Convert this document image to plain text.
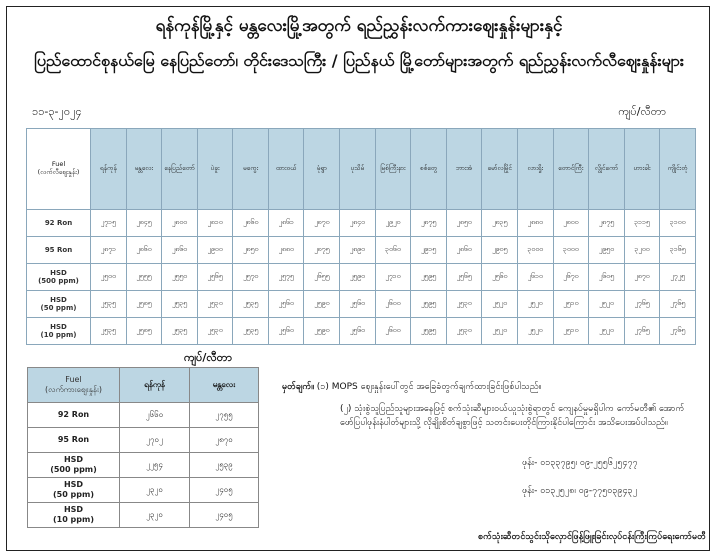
ရန်ကုန်မြို့နှင့် မန္တလေးမြို့အတွက် ရည်ညွှန်းလက်ကားဈေးနှုန်းများနှင့်
ပြည်ထောင်စုနယ်မြေ နေပြည်တော်၊ တိုင်းဒေသကြီး / ပြည်နယ် မြို့တော်များအတွက် ရည်ညွှန်းလက်လီဈေးနှုန်းများ
၁၁-၃-၂၀၂၄	ကျပ်/လီတာ
Fuel
(လက်လီဈေးနှုန်း)	ရန်ကုန်	မန္တလေး	နေပြည်တော်	ပဲခူး	မကွေး	ထားဝယ်	မုံရွာ	ပုသိမ်	မြစ်ကြီးနား	စစ်တွေ	ဘားအံ	မော်လမြိုင်	လားရှိုး	တောင်ကြီး	လွိုင်ကော်	ဟားခါး	ကျိုင်းတုံ
92 Ron	၂၇၁၅	၂၈၄၅	၂၈၀၀	၂၈၁၀	၂၈၆၀	၂၈၆၁	၂၈၇၀	၂၈၄၀	၂၉၂၀	၂၈၇၅	၂၈၅၀	၂၈၃၅	၂၈၈၀	၂၈၀၀	၂၈၇၅	၃၁၁၅	၃၁၀၀
95 Ron	၂၈၇၁	၂၈၆၀	၂၈၆၀	၂၉၀၀	၂၈၅၀	၂၈၈၀	၂၈၇၅	၂၈၉၀	၃၀၆၀	၂၉၁၅	၂၈၆၀	၂၉၀၅	၃၀၀၀	၃၀၀၀	၂၉၅၀	၃၂၀၀	၃၁၆၅
HSD
(500 ppm)	၂၅၀၀	၂၅၅၅	၂၅၅၀	၂၅၆၅	၂၅၇၀	၂၅၇၅	၂၆၅၅	၂၅၉၀	၂၇၁၀	၂၅၉၅	၂၅၆၅	၂၅၆၀	၂၆၁၀	၂၆၇၀	၂၆၀၅	၂၈၇၀	၂၇၂၅
HSD
(50 ppm)	၂၅၃၅	၂၅၈၅	၂၅၃၅	၂၅၃၀	၂၅၃၅	၂၅၆၀	၂၅၉၀	၂၅၆၀	၂၆၀၀	၂၅၉၅	၂၅၃၀	၂၅၂၀	၂၅၂၀	၂၅၁၀	၂၅၂၀	၂၇၆၅	၂၇၆၅
HSD
(10 ppm)	၂၅၃၅	၂၅၈၅	၂၅၃၅	၂၅၃၀	၂၅၃၅	၂၅၆၀	၂၅၉၀	၂၅၆၀	၂၆၀၀	၂၅၉၅	၂၅၃၀	၂၅၂၀	၂၅၂၀	၂၅၁၀	၂၅၂၀	၂၇၆၅	၂၇၆၅
ကျပ်/လီတာ
Fuel
(လက်ကားဈေးနှုန်း)	ရန်ကုန်	မန္တလေး
92 Ron	၂၆၆၀	၂၇၅၅
95 Ron	၂၇၀၂	၂၈၇၀
HSD
(500 ppm)	၂၂၅၄	၂၅၃၉
HSD
(50 ppm)	၂၃၂၀	၂၄၀၅
HSD
(10 ppm)	၂၃၂၀	၂၄၀၅
မှတ်ချက်။ (၁) MOPS ဈေးနှုန်းပေါ်တွင် အခြေခံတွက်ချက်ထားခြင်းဖြစ်ပါသည်။
(၂) သုံးစွဲသူပြည်သူများအနေဖြင့် စက်သုံးဆီများဝယ်ယူသုံးစွဲရာတွင် ကျေနပ်မှုမရှိပါက ကော်မတီ၏ အောက်ဖော်ပြပါဖုန်းနံပါတ်များသို့ လိုချိုးစိတ်ချစွာဖြင့် သတင်းပေးတိုင်ကြားနိုင်ပါကြောင်း အသိပေးအပ်ပါသည်။
ဖုန်း- ၀၁၃၃၇၉၅၊ ၀၉-၂၅၅၆၂၅၄၇၇
ဖုန်း- ၀၁၃၂၅၂၈၊ ၀၉-၇၇၅၀၃၉၄၃၂
စက်သုံးဆီတင်သွင်းသိုလှောင်ဖြန့်ဖြူးခြင်းလုပ်ငန်းကြီးကြပ်ရေးကော်မတီ
